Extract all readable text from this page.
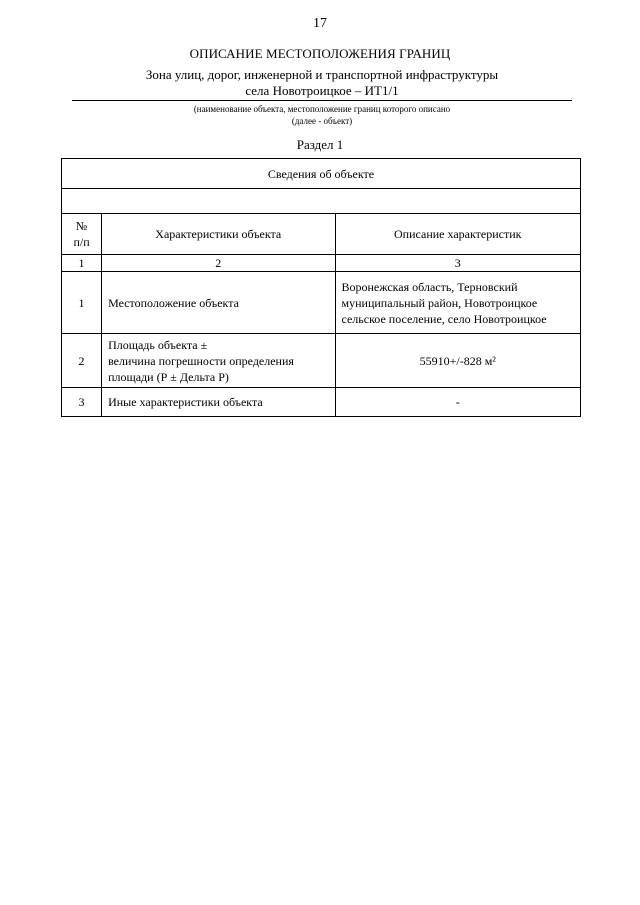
17
ОПИСАНИЕ МЕСТОПОЛОЖЕНИЯ ГРАНИЦ
Зона улиц, дорог, инженерной и транспортной инфраструктуры
села Новотроицкое – ИТ1/1
(наименование объекта, местоположение границ которого описано
(далее - объект)
Раздел 1
Сведения об объекте		

№
п/п	Характеристики объекта	Описание характеристик
1	2	3
1	Местоположение объекта	Воронежская область, Терновский
муниципальный район, Новотроицкое
сельское поселение, село Новотроицкое

2	Площадь объекта ±
величина погрешности определения
площади (Р ± Дельта Р)	55910+/-828 м²
3	Иные характеристики объекта	-
